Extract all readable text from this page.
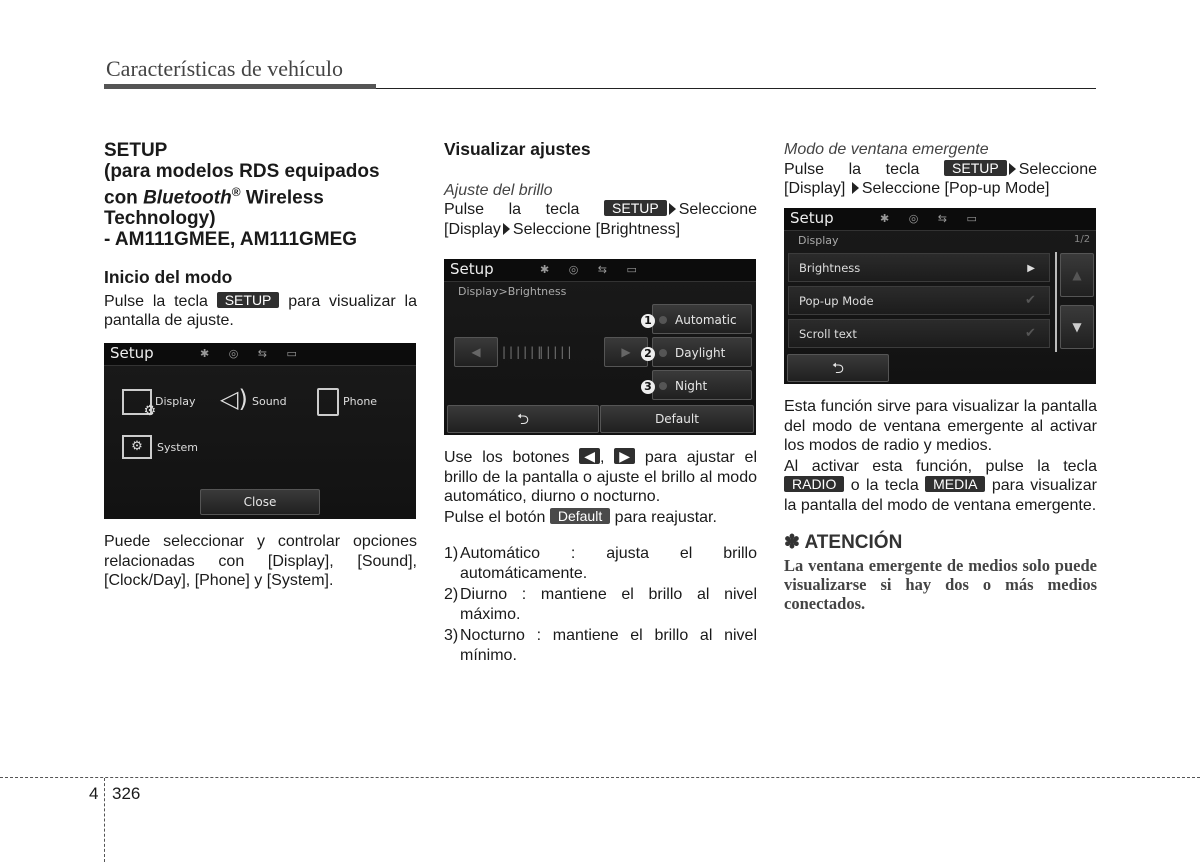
Características de vehículo
SETUP
(para modelos RDS equipados
con Bluetooth® Wireless
Technology)
- AM111GMEE, AM111GMEG
Inicio del modo
Pulse la tecla SETUP para visualizar la pantalla de ajuste.
Setup	✱ ◎ ⇆ ▭
⚙
Display ◁) Sound	Phone
⚙	System
Close
Puede seleccionar y controlar opciones relacionadas con [Display], [Sound], [Clock/Day], [Phone] y [System].
Visualizar ajustes
Ajuste del brillo
Pulse la tecla SETUP Seleccione [Display Seleccione [Brightness]
Setup	✱ ◎ ⇆ ▭
Display>Brightness
◀	|||||‖||||	▶
1 Automatic
2 Daylight
3 Night
⮌	Default
Use los botones ◀ , ▶ para ajustar el brillo de la pantalla o ajuste el brillo al modo automático, diurno o nocturno.
Pulse el botón Default para reajustar.
1) Automático : ajusta el brillo automáticamente.
2) Diurno : mantiene el brillo al nivel máximo.
3) Nocturno : mantiene el brillo al nivel mínimo.
Modo de ventana emergente
Pulse la tecla SETUP Seleccione [Display] Seleccione [Pop-up Mode]
Setup	✱ ◎ ⇆ ▭
Display	1/2
Brightness	▶
Pop-up Mode	✔
Scroll text	✔
▲
▼
⮌
Esta función sirve para visualizar la pantalla del modo de ventana emergente al activar los modos de radio y medios.
Al activar esta función, pulse la tecla RADIO o la tecla MEDIA para visualizar la pantalla del modo de ventana emergente.
✽ ATENCIÓN
La ventana emergente de medios solo puede visualizarse si hay dos o más medios conectados.
4 326
